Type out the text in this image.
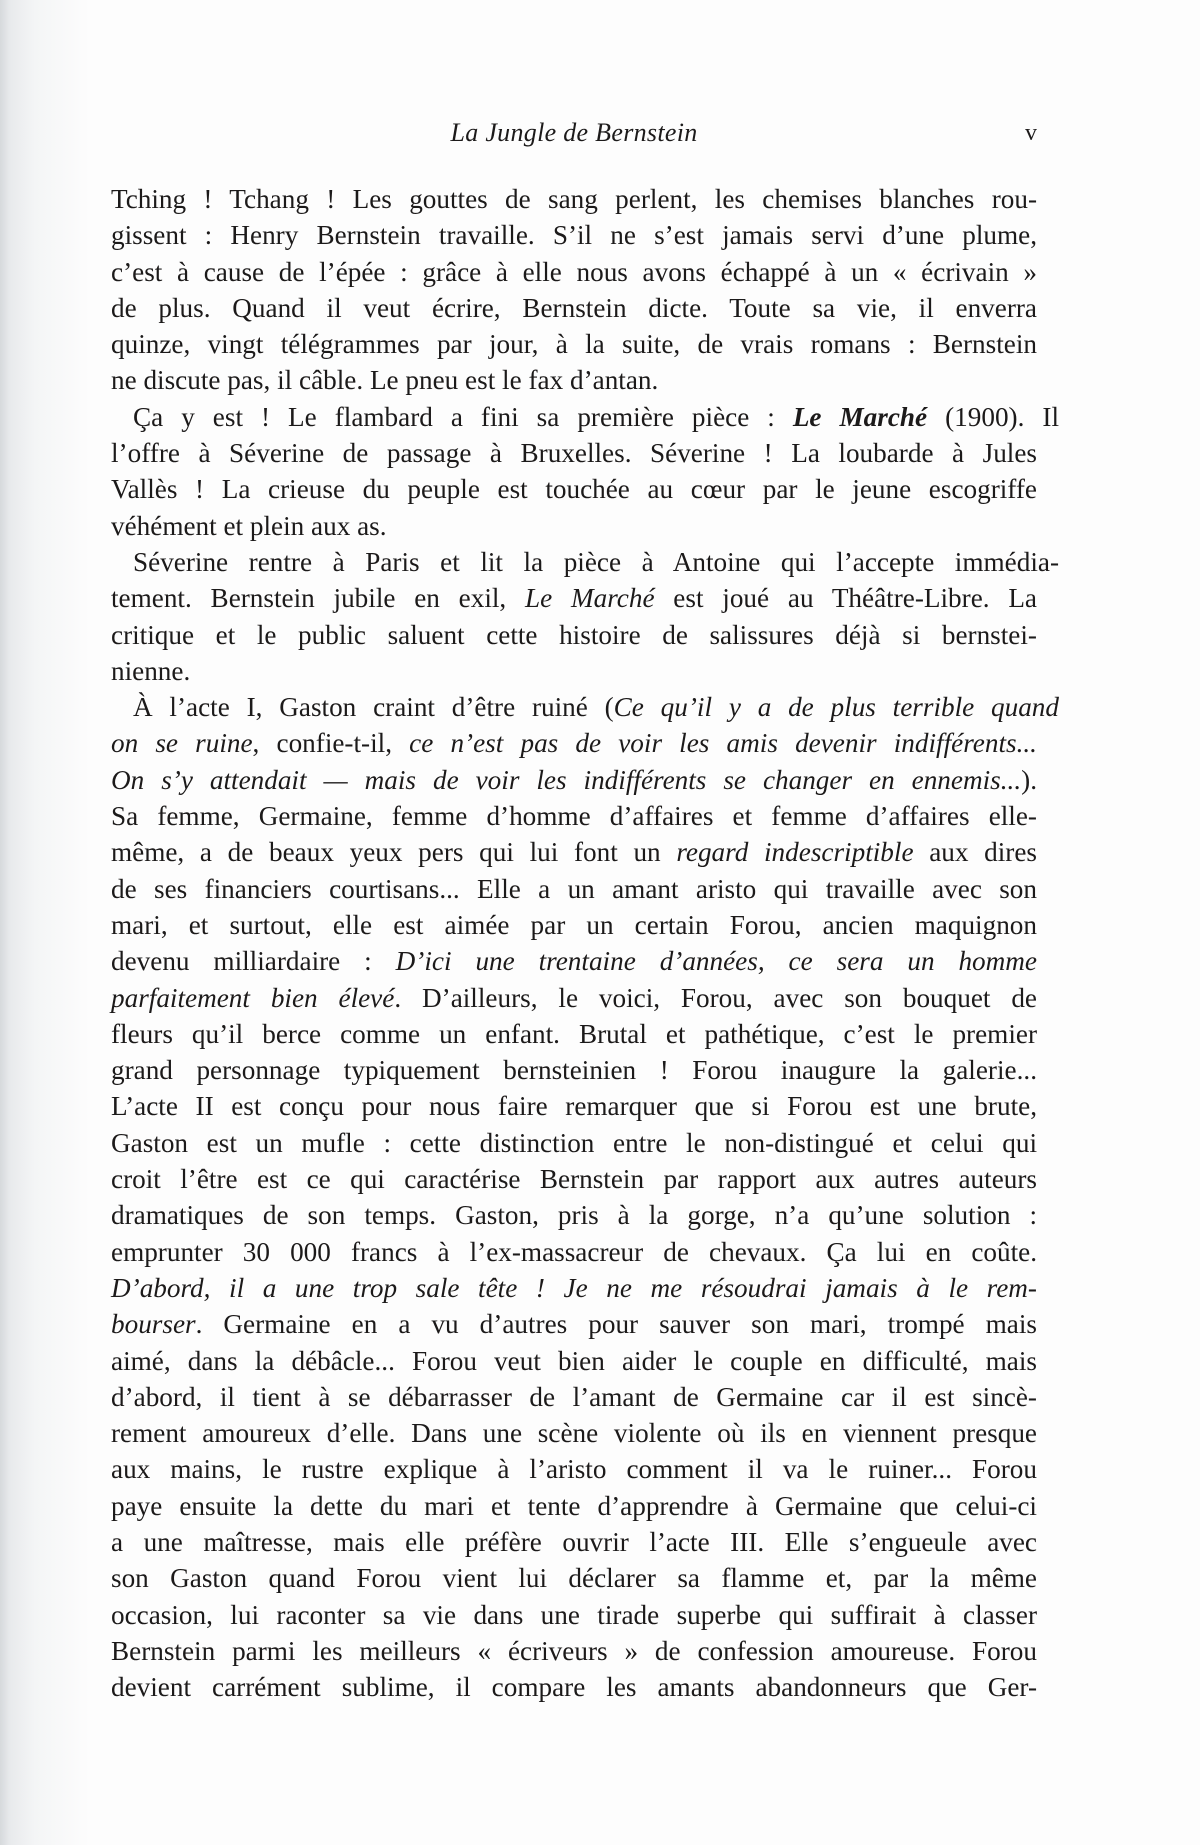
La Jungle de Bernstein	v
Tching ! Tchang ! Les gouttes de sang perlent, les chemises blanches rou-
gissent : Henry Bernstein travaille. S’il ne s’est jamais servi d’une plume,
c’est à cause de l’épée : grâce à elle nous avons échappé à un « écrivain »
de plus. Quand il veut écrire, Bernstein dicte. Toute sa vie, il enverra
quinze, vingt télégrammes par jour, à la suite, de vrais romans : Bernstein
ne discute pas, il câble. Le pneu est le fax d’antan.
Ça y est ! Le flambard a fini sa première pièce : Le Marché (1900). Il
l’offre à Séverine de passage à Bruxelles. Séverine ! La loubarde à Jules
Vallès ! La crieuse du peuple est touchée au cœur par le jeune escogriffe
véhément et plein aux as.
Séverine rentre à Paris et lit la pièce à Antoine qui l’accepte immédia-
tement. Bernstein jubile en exil, Le Marché est joué au Théâtre-Libre. La
critique et le public saluent cette histoire de salissures déjà si bernstei-
nienne.
À l’acte I, Gaston craint d’être ruiné (Ce qu’il y a de plus terrible quand
on se ruine, confie-t-il, ce n’est pas de voir les amis devenir indifférents...
On s’y attendait — mais de voir les indifférents se changer en ennemis...).
Sa femme, Germaine, femme d’homme d’affaires et femme d’affaires elle-
même, a de beaux yeux pers qui lui font un regard indescriptible aux dires
de ses financiers courtisans... Elle a un amant aristo qui travaille avec son
mari, et surtout, elle est aimée par un certain Forou, ancien maquignon
devenu milliardaire : D’ici une trentaine d’années, ce sera un homme
parfaitement bien élevé. D’ailleurs, le voici, Forou, avec son bouquet de
fleurs qu’il berce comme un enfant. Brutal et pathétique, c’est le premier
grand personnage typiquement bernsteinien ! Forou inaugure la galerie...
L’acte II est conçu pour nous faire remarquer que si Forou est une brute,
Gaston est un mufle : cette distinction entre le non-distingué et celui qui
croit l’être est ce qui caractérise Bernstein par rapport aux autres auteurs
dramatiques de son temps. Gaston, pris à la gorge, n’a qu’une solution :
emprunter 30 000 francs à l’ex-massacreur de chevaux. Ça lui en coûte.
D’abord, il a une trop sale tête ! Je ne me résoudrai jamais à le rem-
bourser. Germaine en a vu d’autres pour sauver son mari, trompé mais
aimé, dans la débâcle... Forou veut bien aider le couple en difficulté, mais
d’abord, il tient à se débarrasser de l’amant de Germaine car il est sincè-
rement amoureux d’elle. Dans une scène violente où ils en viennent presque
aux mains, le rustre explique à l’aristo comment il va le ruiner... Forou
paye ensuite la dette du mari et tente d’apprendre à Germaine que celui-ci
a une maîtresse, mais elle préfère ouvrir l’acte III. Elle s’engueule avec
son Gaston quand Forou vient lui déclarer sa flamme et, par la même
occasion, lui raconter sa vie dans une tirade superbe qui suffirait à classer
Bernstein parmi les meilleurs « écriveurs » de confession amoureuse. Forou
devient carrément sublime, il compare les amants abandonneurs que Ger-
